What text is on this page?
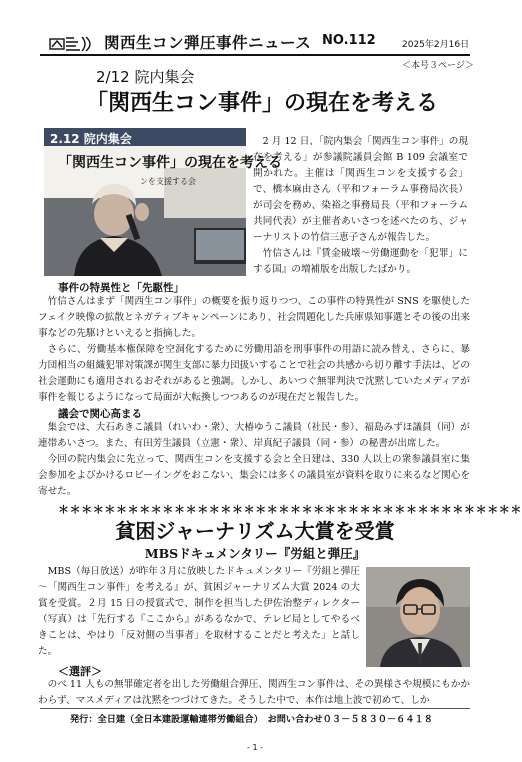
関西生コン弾圧事件ニュース NO.112	2025年2月16日
＜本号３ページ＞
2/12 院内集会
「関西生コン事件」の現在を考える
2.12 院内集会
「関西生コン事件」の現在を考える
ンを支援する会

2 月 12 日、「院内集会「関西生コン事件」の現在を考える」が参議院議員会館 B 109 会議室で開かれた。主催は「関西生コンを支援する会」で、橋本麻由さん（平和フォーラム事務局次長）が司会を務め、染裕之事務局長（平和フォーラム共同代表）が主催者あいさつを述べたのち、ジャーナリストの竹信三恵子さんが報告した。

竹信さんは『賃金破壊～労働運動を「犯罪」にする国』の増補版を出版したばかり。

事件の特異性と「先駆性」

竹信さんはまず「関西生コン事件」の概要を振り返りつつ、この事件の特異性が SNS を駆使したフェイク映像の拡散とネガティブキャンペーンにあり、社会問題化した兵庫県知事選とその後の出来事などの先駆けといえると指摘した。

さらに、労働基本権保障を空洞化するために労働用語を刑事事件の用語に読み替え、さらに、暴力団相当の組織犯罪対策課が関生支部に暴力団扱いすることで社会の共感から切り離す手法は、どの社会運動にも適用されるおそれがあると強調。しかし、あいつぐ無罪判決で沈黙していたメディアが事件を報じるようになって局面が大転換しつつあるのが現在だと報告した。

議会で関心高まる

集会では、大石あきこ議員（れいわ・衆）、大椿ゆうこ議員（社民・参）、福島みずほ議員（同）が連帯あいさつ。また、有田芳生議員（立憲・衆）、岸真紀子議員（同・参）の秘書が出席した。

今回の院内集会に先立って、関西生コンを支援する会と全日建は、330 人以上の衆参議員室に集会参加をよびかけるロビーイングをおこない、集会には多くの議員室が資料を取りに来るなど関心を寄せた。

＊＊＊＊＊＊＊＊＊＊＊＊＊＊＊＊＊＊＊＊＊＊＊＊＊＊＊＊＊＊＊＊＊＊＊＊＊＊＊＊
貧困ジャーナリズム大賞を受賞
MBSドキュメンタリー『労組と弾圧』

MBS（毎日放送）が昨年３月に放映したドキュメンタリー『労組と弾圧～「関西生コン事件」を考える』が、貧困ジャーナリズム大賞 2024 の大賞を受賞。２月 15 日の授賞式で、制作を担当した伊佐治整ディレクター（写真）は「先行する『ここから』があるなかで、テレビ局としてやるべきことは、やはり「反対側の当事者」を取材することだと考えた」と話した。

＜選評＞

のべ 11 人もの無罪確定者を出した労働組合弾圧、関西生コン事件は、その異様さや規模にもかかわらず、マスメディアは沈黙をつづけてきた。そうした中で、本作は地上波で初めて、しか

発行：全日建（全日本建設運輸連帯労働組合）　お問い合わせ０３－５８３０－６４１８
- 1 -
